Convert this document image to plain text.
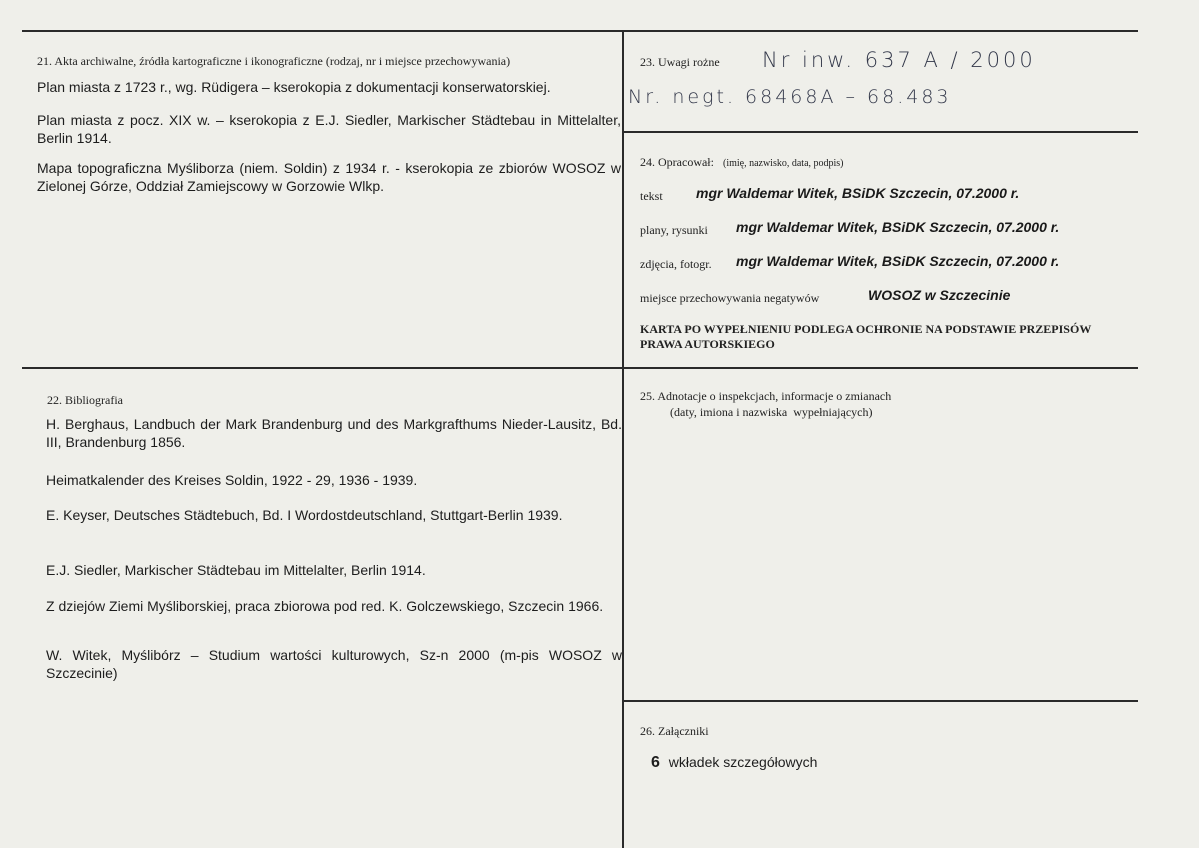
21. Akta archiwalne, źródła kartograficzne i ikonograficzne (rodzaj, nr i miejsce przechowywania)
Plan miasta z 1723 r., wg. Rüdigera – kserokopia z dokumentacji konserwatorskiej.
Plan miasta z pocz. XIX w. – kserokopia z E.J. Siedler, Markischer Städtebau in Mittelalter, Berlin 1914.
Mapa topograficzna Myśliborza (niem. Soldin) z 1934 r. - kserokopia ze zbiorów WOSOZ w Zielonej Górze, Oddział Zamiejscowy w Gorzowie Wlkp.
22. Bibliografia
H. Berghaus, Landbuch der Mark Brandenburg und des Markgrafthums Nieder-Lausitz, Bd. III, Brandenburg 1856.
Heimatkalender des Kreises Soldin, 1922 - 29, 1936 - 1939.
E. Keyser, Deutsches Städtebuch, Bd. I Wordostdeutschland, Stuttgart-Berlin 1939.
E.J. Siedler, Markischer Städtebau im Mittelalter, Berlin 1914.
Z dziejów Ziemi Myśliborskiej, praca zbiorowa pod red. K. Golczewskiego, Szczecin 1966.
W. Witek, Myślibórz – Studium wartości kulturowych, Sz-n 2000 (m-pis WOSOZ w Szczecinie)
23. Uwagi rożne Nr inw. 637 A / 2000
Nr. negt. 68468A – 68.483
24. Opracował: (imię, nazwisko, data, podpis)
tekst mgr Waldemar Witek, BSiDK Szczecin, 07.2000 r.
plany, rysunki mgr Waldemar Witek, BSiDK Szczecin, 07.2000 r.
zdjęcia, fotogr. mgr Waldemar Witek, BSiDK Szczecin, 07.2000 r.
miejsce przechowywania negatywów	WOSOZ w Szczecinie
KARTA PO WYPEŁNIENIU PODLEGA OCHRONIE NA PODSTAWIE PRZEPISÓW PRAWA AUTORSKIEGO
25. Adnotacje o inspekcjach, informacje o zmianach
(daty, imiona i nazwiska  wypełniających)
26. Załączniki
6 wkładek szczegółowych
